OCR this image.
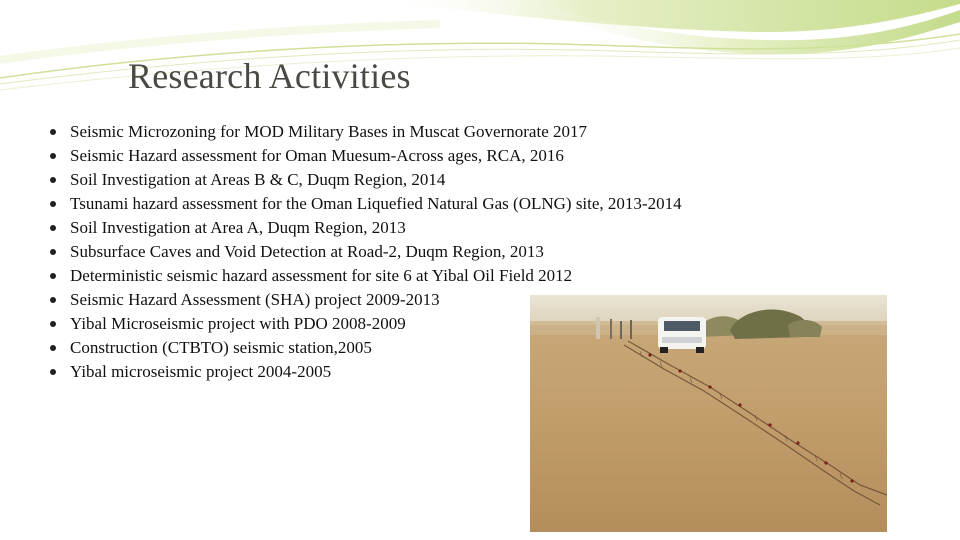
Research Activities
Seismic Microzoning for MOD Military Bases in Muscat Governorate 2017
Seismic Hazard assessment for Oman Muesum-Across ages, RCA, 2016
Soil Investigation at Areas B & C, Duqm Region, 2014
Tsunami hazard assessment for the Oman Liquefied Natural Gas (OLNG) site, 2013-2014
Soil Investigation at Area A, Duqm Region, 2013
Subsurface Caves and Void Detection at Road-2, Duqm Region, 2013
Deterministic seismic hazard assessment for site 6 at Yibal Oil Field 2012
Seismic Hazard Assessment (SHA) project 2009-2013
Yibal Microseismic project with PDO 2008-2009
Construction (CTBTO) seismic station,2005
Yibal microseismic project 2004-2005
